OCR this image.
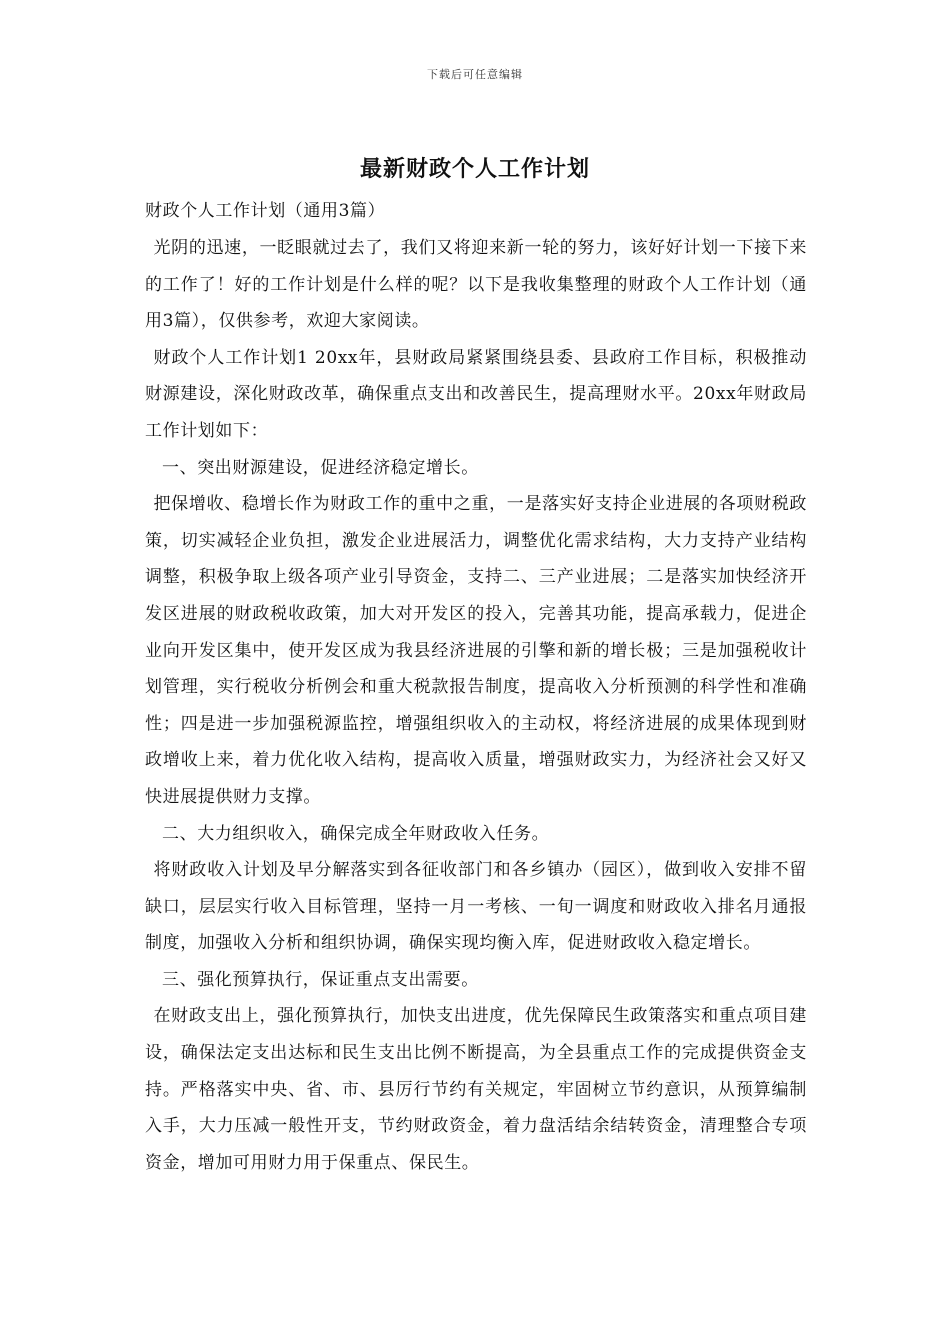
下载后可任意编辑
最新财政个人工作计划

财政个人工作计划（通用3篇）

光阴的迅速，一眨眼就过去了，我们又将迎来新一轮的努力，该好好计划一下接下来的工作了！好的工作计划是什么样的呢？以下是我收集整理的财政个人工作计划（通用3篇），仅供参考，欢迎大家阅读。

财政个人工作计划1 20xx年，县财政局紧紧围绕县委、县政府工作目标，积极推动财源建设，深化财政改革，确保重点支出和改善民生，提高理财水平。20xx年财政局工作计划如下：

一、突出财源建设，促进经济稳定增长。

把保增收、稳增长作为财政工作的重中之重，一是落实好支持企业进展的各项财税政策，切实减轻企业负担，激发企业进展活力，调整优化需求结构，大力支持产业结构调整，积极争取上级各项产业引导资金，支持二、三产业进展；二是落实加快经济开发区进展的财政税收政策，加大对开发区的投入，完善其功能，提高承载力，促进企业向开发区集中，使开发区成为我县经济进展的引擎和新的增长极；三是加强税收计划管理，实行税收分析例会和重大税款报告制度，提高收入分析预测的科学性和准确性；四是进一步加强税源监控，增强组织收入的主动权，将经济进展的成果体现到财政增收上来，着力优化收入结构，提高收入质量，增强财政实力，为经济社会又好又快进展提供财力支撑。

二、大力组织收入，确保完成全年财政收入任务。

将财政收入计划及早分解落实到各征收部门和各乡镇办（园区），做到收入安排不留缺口，层层实行收入目标管理，坚持一月一考核、一旬一调度和财政收入排名月通报制度，加强收入分析和组织协调，确保实现均衡入库，促进财政收入稳定增长。

三、强化预算执行，保证重点支出需要。

在财政支出上，强化预算执行，加快支出进度，优先保障民生政策落实和重点项目建设，确保法定支出达标和民生支出比例不断提高，为全县重点工作的完成提供资金支持。严格落实中央、省、市、县厉行节约有关规定，牢固树立节约意识，从预算编制入手，大力压减一般性开支，节约财政资金，着力盘活结余结转资金，清理整合专项资金，增加可用财力用于保重点、保民生。
